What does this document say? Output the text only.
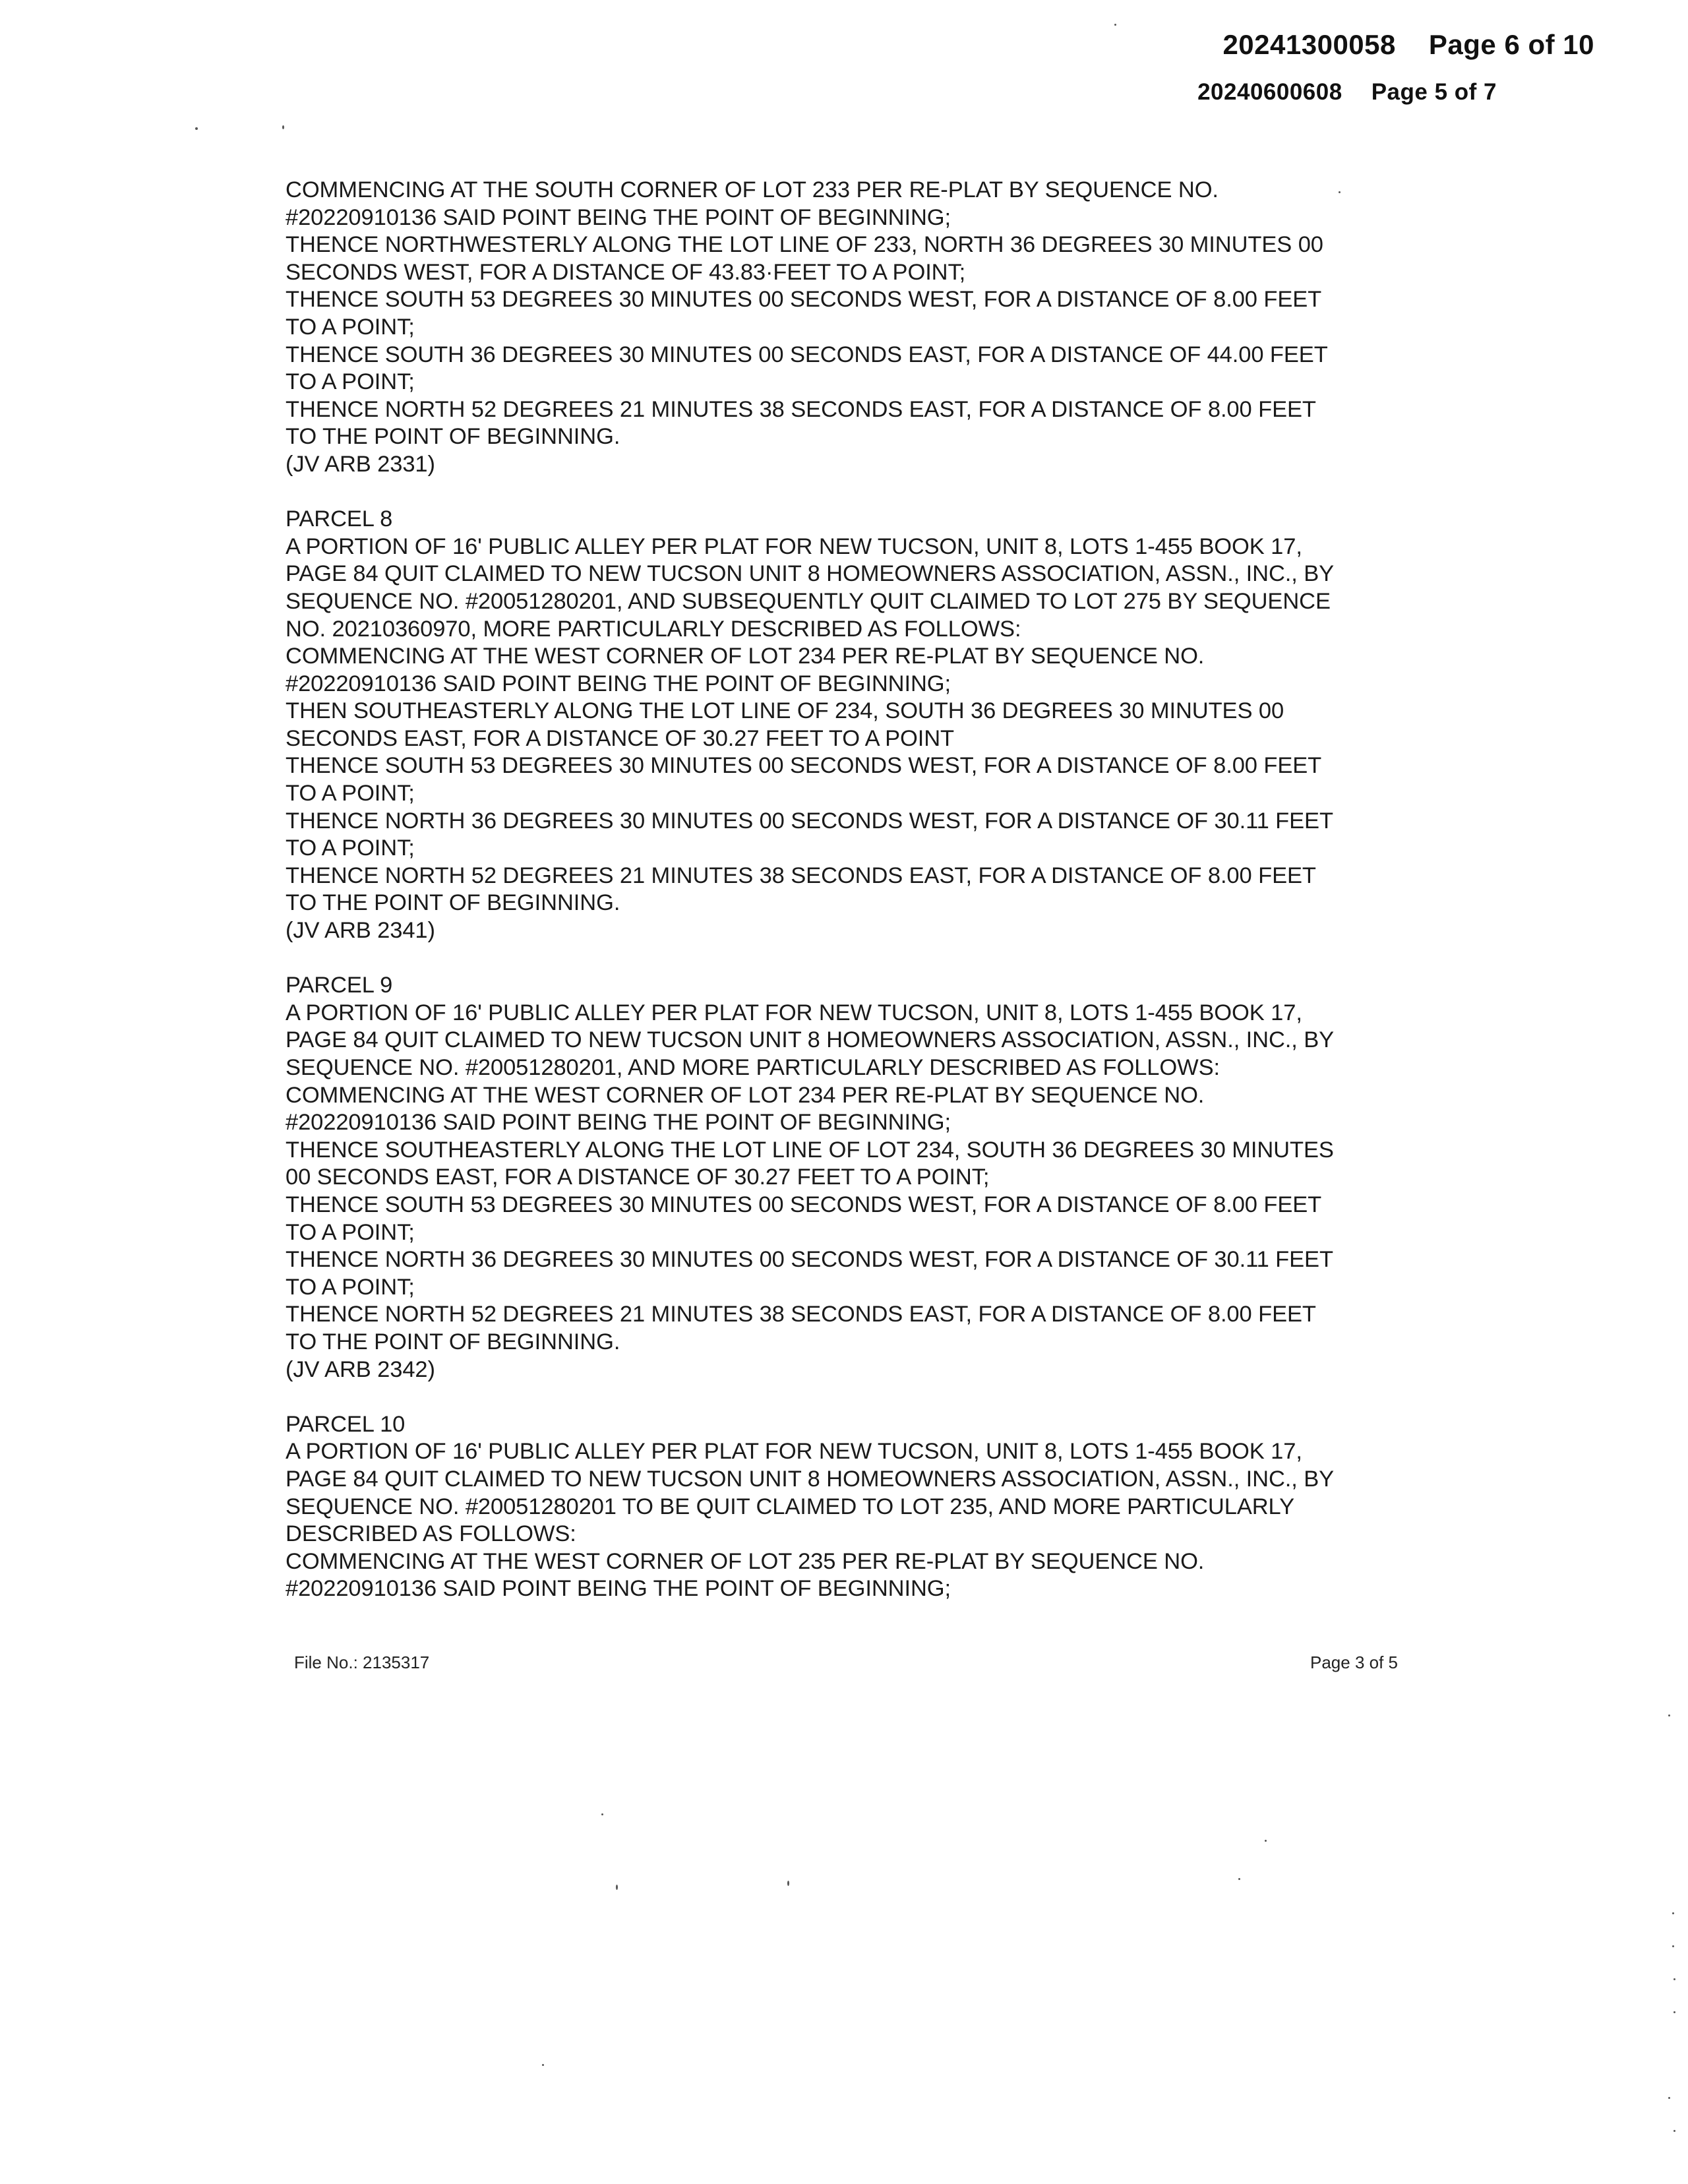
20241300058 Page 6 of 10
20240600608 Page 5 of 7
COMMENCING AT THE SOUTH CORNER OF LOT 233 PER RE-PLAT BY SEQUENCE NO.
#20220910136 SAID POINT BEING THE POINT OF BEGINNING;
THENCE NORTHWESTERLY ALONG THE LOT LINE OF 233, NORTH 36 DEGREES 30 MINUTES 00
SECONDS WEST, FOR A DISTANCE OF 43.83·FEET TO A POINT;
THENCE SOUTH 53 DEGREES 30 MINUTES 00 SECONDS WEST, FOR A DISTANCE OF 8.00 FEET
TO A POINT;
THENCE SOUTH 36 DEGREES 30 MINUTES 00 SECONDS EAST, FOR A DISTANCE OF 44.00 FEET
TO A POINT;
THENCE NORTH 52 DEGREES 21 MINUTES 38 SECONDS EAST, FOR A DISTANCE OF 8.00 FEET
TO THE POINT OF BEGINNING.
(JV ARB 2331)
PARCEL 8
A PORTION OF 16' PUBLIC ALLEY PER PLAT FOR NEW TUCSON, UNIT 8, LOTS 1-455 BOOK 17,
PAGE 84 QUIT CLAIMED TO NEW TUCSON UNIT 8 HOMEOWNERS ASSOCIATION, ASSN., INC., BY
SEQUENCE NO. #20051280201, AND SUBSEQUENTLY QUIT CLAIMED TO LOT 275 BY SEQUENCE
NO. 20210360970, MORE PARTICULARLY DESCRIBED AS FOLLOWS:
COMMENCING AT THE WEST CORNER OF LOT 234 PER RE-PLAT BY SEQUENCE NO.
#20220910136 SAID POINT BEING THE POINT OF BEGINNING;
THEN SOUTHEASTERLY ALONG THE LOT LINE OF 234, SOUTH 36 DEGREES 30 MINUTES 00
SECONDS EAST, FOR A DISTANCE OF 30.27 FEET TO A POINT
THENCE SOUTH 53 DEGREES 30 MINUTES 00 SECONDS WEST, FOR A DISTANCE OF 8.00 FEET
TO A POINT;
THENCE NORTH 36 DEGREES 30 MINUTES 00 SECONDS WEST, FOR A DISTANCE OF 30.11 FEET
TO A POINT;
THENCE NORTH 52 DEGREES 21 MINUTES 38 SECONDS EAST, FOR A DISTANCE OF 8.00 FEET
TO THE POINT OF BEGINNING.
(JV ARB 2341)
PARCEL 9
A PORTION OF 16' PUBLIC ALLEY PER PLAT FOR NEW TUCSON, UNIT 8, LOTS 1-455 BOOK 17,
PAGE 84 QUIT CLAIMED TO NEW TUCSON UNIT 8 HOMEOWNERS ASSOCIATION, ASSN., INC., BY
SEQUENCE NO. #20051280201, AND MORE PARTICULARLY DESCRIBED AS FOLLOWS:
COMMENCING AT THE WEST CORNER OF LOT 234 PER RE-PLAT BY SEQUENCE NO.
#20220910136 SAID POINT BEING THE POINT OF BEGINNING;
THENCE SOUTHEASTERLY ALONG THE LOT LINE OF LOT 234, SOUTH 36 DEGREES 30 MINUTES
00 SECONDS EAST, FOR A DISTANCE OF 30.27 FEET TO A POINT;
THENCE SOUTH 53 DEGREES 30 MINUTES 00 SECONDS WEST, FOR A DISTANCE OF 8.00 FEET
TO A POINT;
THENCE NORTH 36 DEGREES 30 MINUTES 00 SECONDS WEST, FOR A DISTANCE OF 30.11 FEET
TO A POINT;
THENCE NORTH 52 DEGREES 21 MINUTES 38 SECONDS EAST, FOR A DISTANCE OF 8.00 FEET
TO THE POINT OF BEGINNING.
(JV ARB 2342)
PARCEL 10
A PORTION OF 16' PUBLIC ALLEY PER PLAT FOR NEW TUCSON, UNIT 8, LOTS 1-455 BOOK 17,
PAGE 84 QUIT CLAIMED TO NEW TUCSON UNIT 8 HOMEOWNERS ASSOCIATION, ASSN., INC., BY
SEQUENCE NO. #20051280201 TO BE QUIT CLAIMED TO LOT 235, AND MORE PARTICULARLY
DESCRIBED AS FOLLOWS:
COMMENCING AT THE WEST CORNER OF LOT 235 PER RE-PLAT BY SEQUENCE NO.
#20220910136 SAID POINT BEING THE POINT OF BEGINNING;
File No.: 2135317	Page 3 of 5
